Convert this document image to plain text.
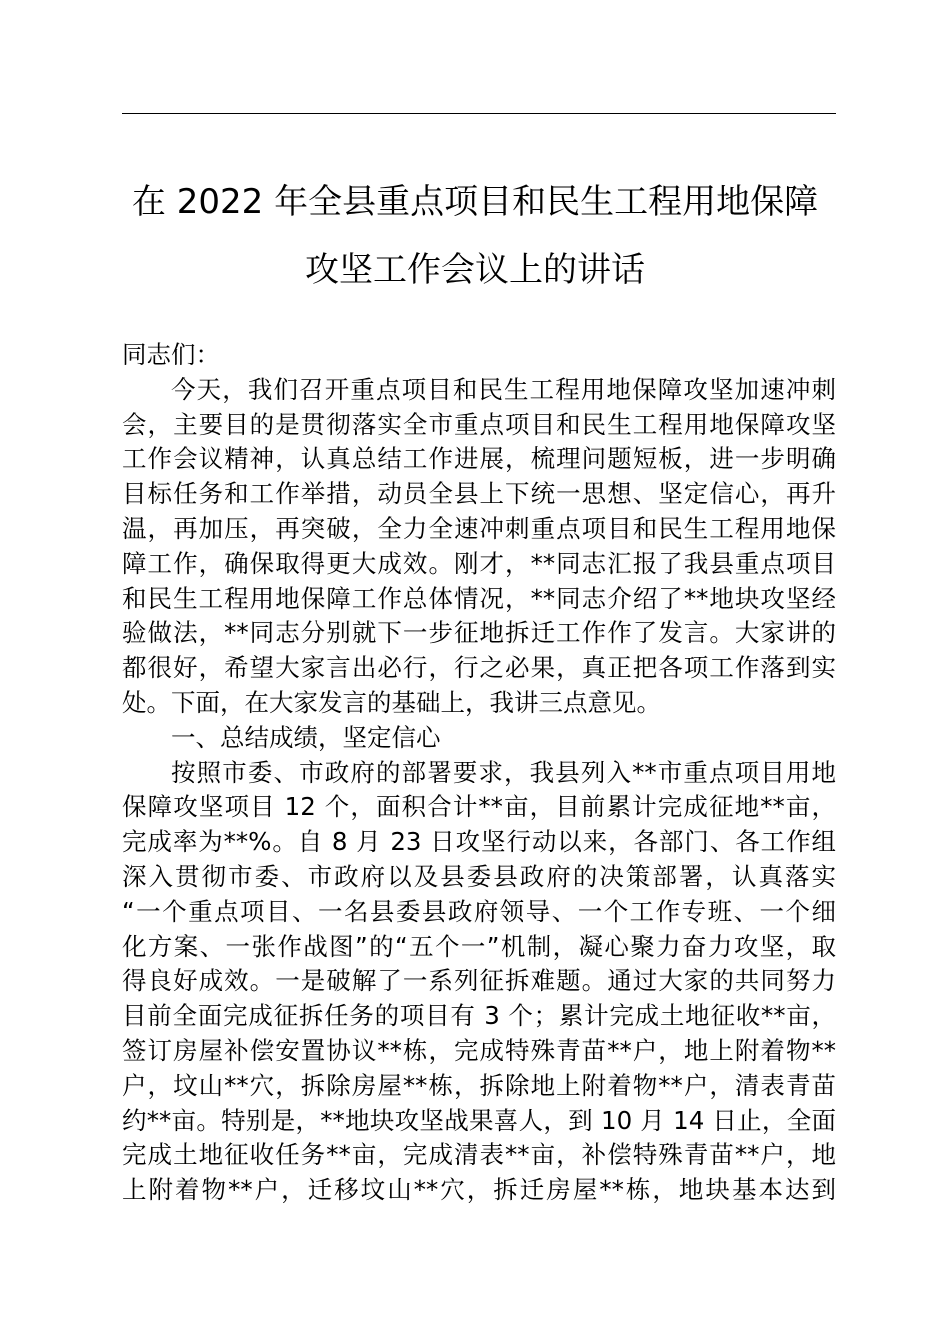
在 2022 年全县重点项目和民生工程用地保障
攻坚工作会议上的讲话
同志们：
今天，我们召开重点项目和民生工程用地保障攻坚加速冲刺
会，主要目的是贯彻落实全市重点项目和民生工程用地保障攻坚
工作会议精神，认真总结工作进展，梳理问题短板，进一步明确
目标任务和工作举措，动员全县上下统一思想、坚定信心，再升
温，再加压，再突破，全力全速冲刺重点项目和民生工程用地保
障工作，确保取得更大成效。刚才，**同志汇报了我县重点项目
和民生工程用地保障工作总体情况，**同志介绍了**地块攻坚经
验做法，**同志分别就下一步征地拆迁工作作了发言。大家讲的
都很好，希望大家言出必行，行之必果，真正把各项工作落到实
处。下面，在大家发言的基础上，我讲三点意见。
一、总结成绩，坚定信心
按照市委、市政府的部署要求，我县列入**市重点项目用地
保障攻坚项目 12 个，面积合计**亩，目前累计完成征地**亩，
完成率为**%。自 8 月 23 日攻坚行动以来，各部门、各工作组
深入贯彻市委、市政府以及县委县政府的决策部署，认真落实
“一个重点项目、一名县委县政府领导、一个工作专班、一个细
化方案、一张作战图”的“五个一”机制，凝心聚力奋力攻坚，取
得良好成效。一是破解了一系列征拆难题。通过大家的共同努力
目前全面完成征拆任务的项目有 3 个；累计完成土地征收**亩，
签订房屋补偿安置协议**栋，完成特殊青苗**户，地上附着物**
户，坟山**穴，拆除房屋**栋，拆除地上附着物**户，清表青苗
约**亩。特别是，**地块攻坚战果喜人，到 10 月 14 日止，全面
完成土地征收任务**亩，完成清表**亩，补偿特殊青苗**户，地
上附着物**户，迁移坟山**穴，拆迁房屋**栋，地块基本达到
